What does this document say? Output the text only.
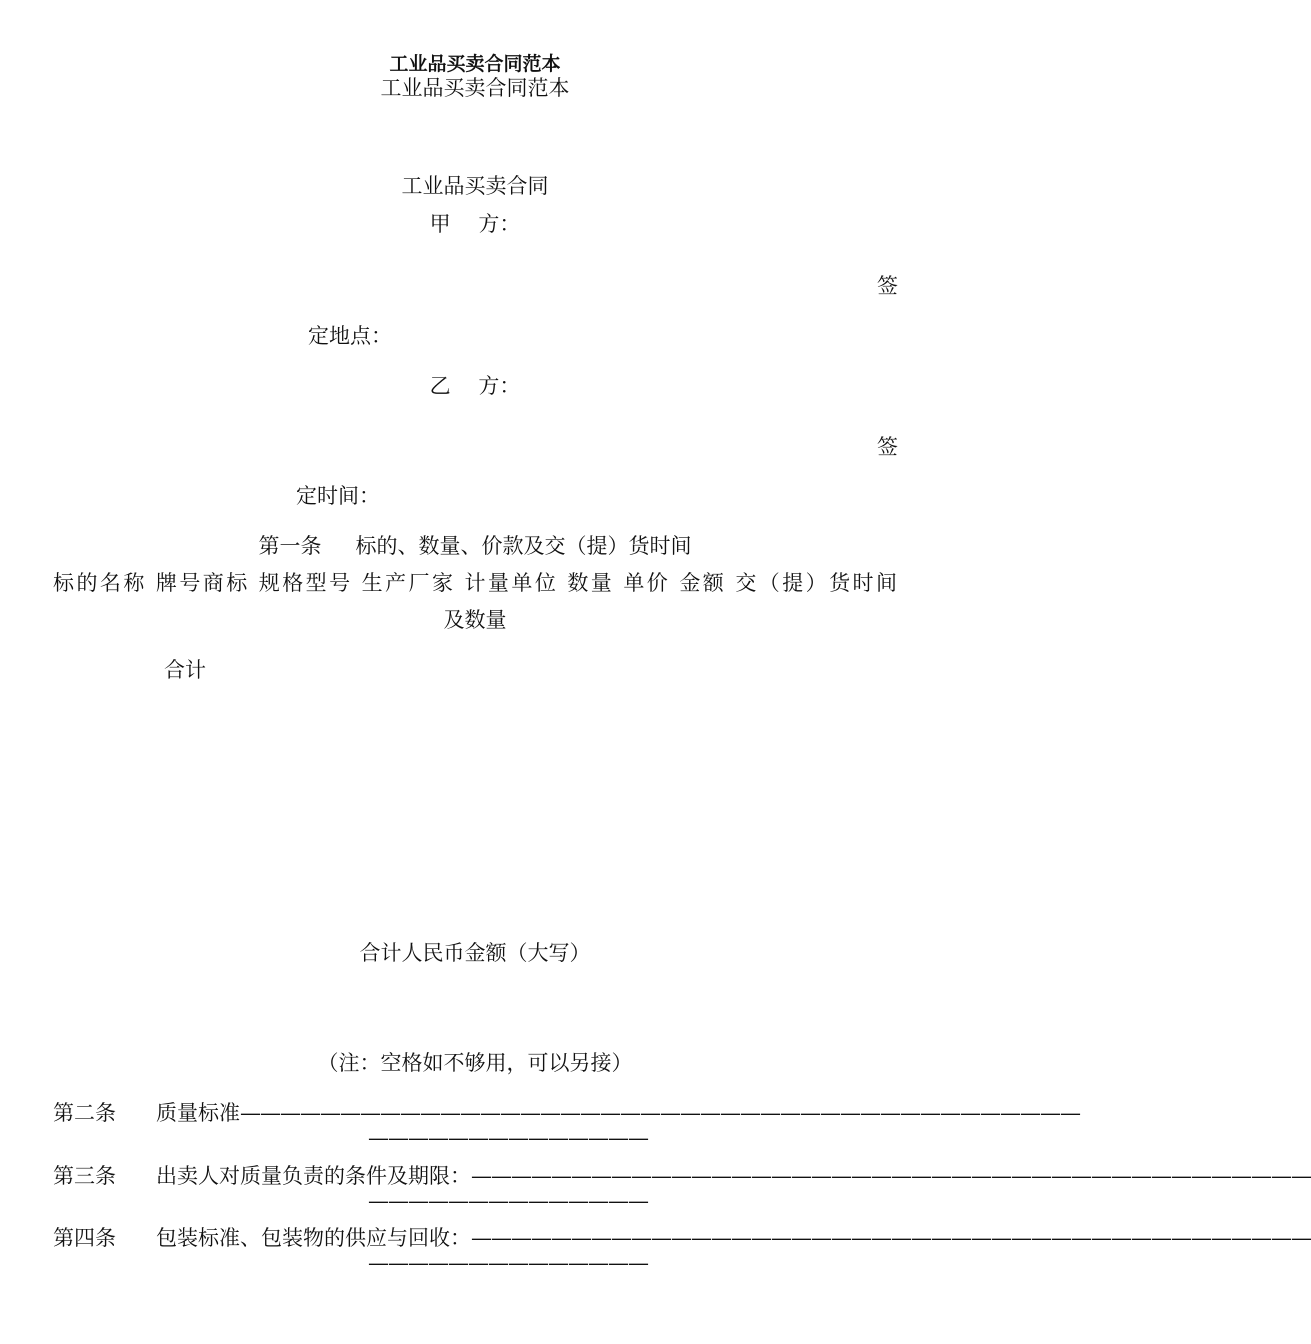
工业品买卖合同范本
工业品买卖合同范本
工业品买卖合同
甲　 方：
签
定地点：
乙　 方：
签
定时间：
第一条 标的、数量、价款及交（提）货时间
标的名称 牌号商标 规格型号 生产厂家 计量单位 数量 单价 金额 交（提）货时间
及数量
合计
合计人民币金额（大写）
（注：空格如不够用，可以另接）
第二条	质量标准 ——————————————————————————————————————————
——————————————
第三条	出卖人对质量负责的条件及期限： ——————————————————————————————————————————
——————————————
第四条	包装标准、包装物的供应与回收： ——————————————————————————————————————————
——————————————
